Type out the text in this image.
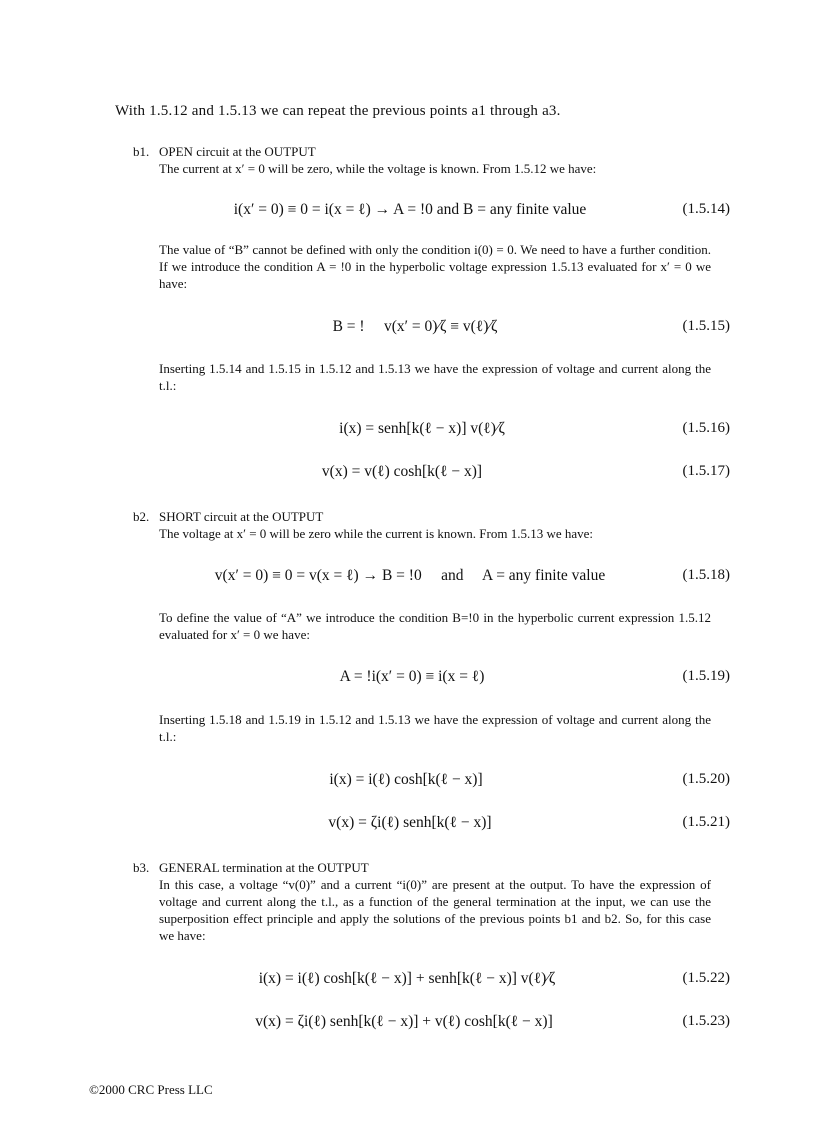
With 1.5.12 and 1.5.13 we can repeat the previous points a1 through a3.
b1. OPEN circuit at the OUTPUT
The current at x′ = 0 will be zero, while the voltage is known. From 1.5.12 we have:
i(x′ = 0) ≡ 0 = i(x = ℓ) → A = !0 and B = any finite value	(1.5.14)
The value of “B” cannot be defined with only the condition i(0) = 0. We need to have a further condition. If we introduce the condition A = !0 in the hyperbolic voltage expression 1.5.13 evaluated for x′ = 0 we have:
B = !  v(x′ = 0)∕ζ ≡ v(ℓ)∕ζ	(1.5.15)
Inserting 1.5.14 and 1.5.15 in 1.5.12 and 1.5.13 we have the expression of voltage and current along the t.l.:
i(x) = senh[k(ℓ − x)] v(ℓ)∕ζ	(1.5.16)
v(x) = v(ℓ) cosh[k(ℓ − x)]	(1.5.17)
b2. SHORT circuit at the OUTPUT
The voltage at x′ = 0 will be zero while the current is known. From 1.5.13 we have:
v(x′ = 0) ≡ 0 = v(x = ℓ) → B = !0  and  A = any finite value	(1.5.18)
To define the value of “A” we introduce the condition B=!0 in the hyperbolic current expression 1.5.12 evaluated for x′ = 0 we have:
A = !i(x′ = 0) ≡ i(x = ℓ)	(1.5.19)
Inserting 1.5.18 and 1.5.19 in 1.5.12 and 1.5.13 we have the expression of voltage and current along the t.l.:
i(x) = i(ℓ) cosh[k(ℓ − x)]	(1.5.20)
v(x) = ζi(ℓ) senh[k(ℓ − x)]	(1.5.21)
b3. GENERAL termination at the OUTPUT
In this case, a voltage “v(0)” and a current “i(0)” are present at the output. To have the expression of voltage and current along the t.l., as a function of the general termination at the input, we can use the superposition effect principle and apply the solutions of the previous points b1 and b2. So, for this case we have:
i(x) = i(ℓ) cosh[k(ℓ − x)] + senh[k(ℓ − x)] v(ℓ)∕ζ	(1.5.22)
v(x) = ζi(ℓ) senh[k(ℓ − x)] + v(ℓ) cosh[k(ℓ − x)]	(1.5.23)
©2000 CRC Press LLC
